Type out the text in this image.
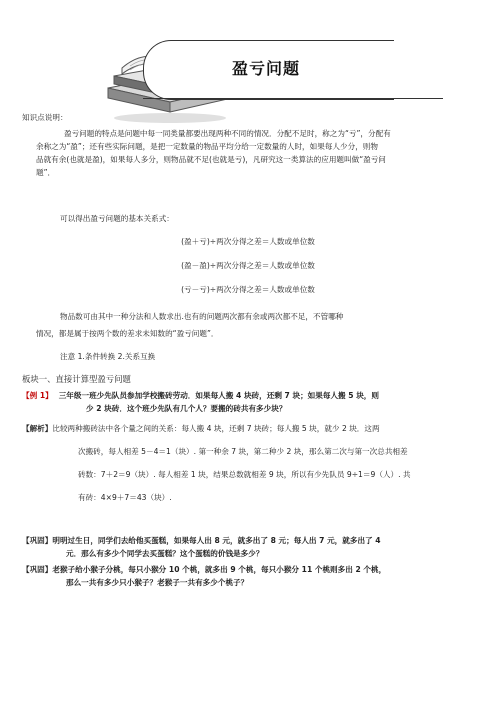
盈亏问题
知识点说明：
盈亏问题的特点是问题中每一同类量都要出现两种不同的情况．分配不足时，称之为“亏”，分配有
余称之为“盈”；还有些实际问题，是把一定数量的物品平均分给一定数量的人时，如果每人少分，则物
品就有余(也就是盈)，如果每人多分，则物品就不足(也就是亏)，凡研究这一类算法的应用题叫做“盈亏问
题”．
可以得出盈亏问题的基本关系式：
(盈＋亏)÷两次分得之差＝人数或单位数
(盈－盈)÷两次分得之差＝人数或单位数
(亏－亏)÷两次分得之差＝人数或单位数
物品数可由其中一种分法和人数求出.也有的问题两次都有余或两次都不足，不管哪种
情况，都是属于按两个数的差求未知数的“盈亏问题”．
注意 1.条件转换 2.关系互换
板块一、直接计算型盈亏问题
【例 1】 三年级一班少先队员参加学校搬砖劳动．如果每人搬 4 块砖，还剩 7 块；如果每人搬 5 块，则
少 2 块砖．这个班少先队有几个人？要搬的砖共有多少块？
【解析】 比较两种搬砖法中各个量之间的关系：每人搬 4 块，还剩 7 块砖；每人搬 5 块，就少 2 块．这两
次搬砖，每人相差 5－4＝1（块）. 第一种余 7 块，第二种少 2 块，那么第二次与第一次总共相差
砖数：7＋2＝9（块）. 每人相差 1 块，结果总数就相差 9 块，所以有少先队员 9÷1＝9（人）. 共
有砖：4×9＋7＝43（块）.
【巩固】 明明过生日，同学们去给他买蛋糕，如果每人出 8 元，就多出了 8 元；每人出 7 元，就多出了 4
元．那么有多少个同学去买蛋糕？这个蛋糕的价钱是多少？
【巩固】 老猴子给小猴子分桃，每只小猴分 10 个桃，就多出 9 个桃，每只小猴分 11 个桃则多出 2 个桃，
那么一共有多少只小猴子？老猴子一共有多少个桃子？
